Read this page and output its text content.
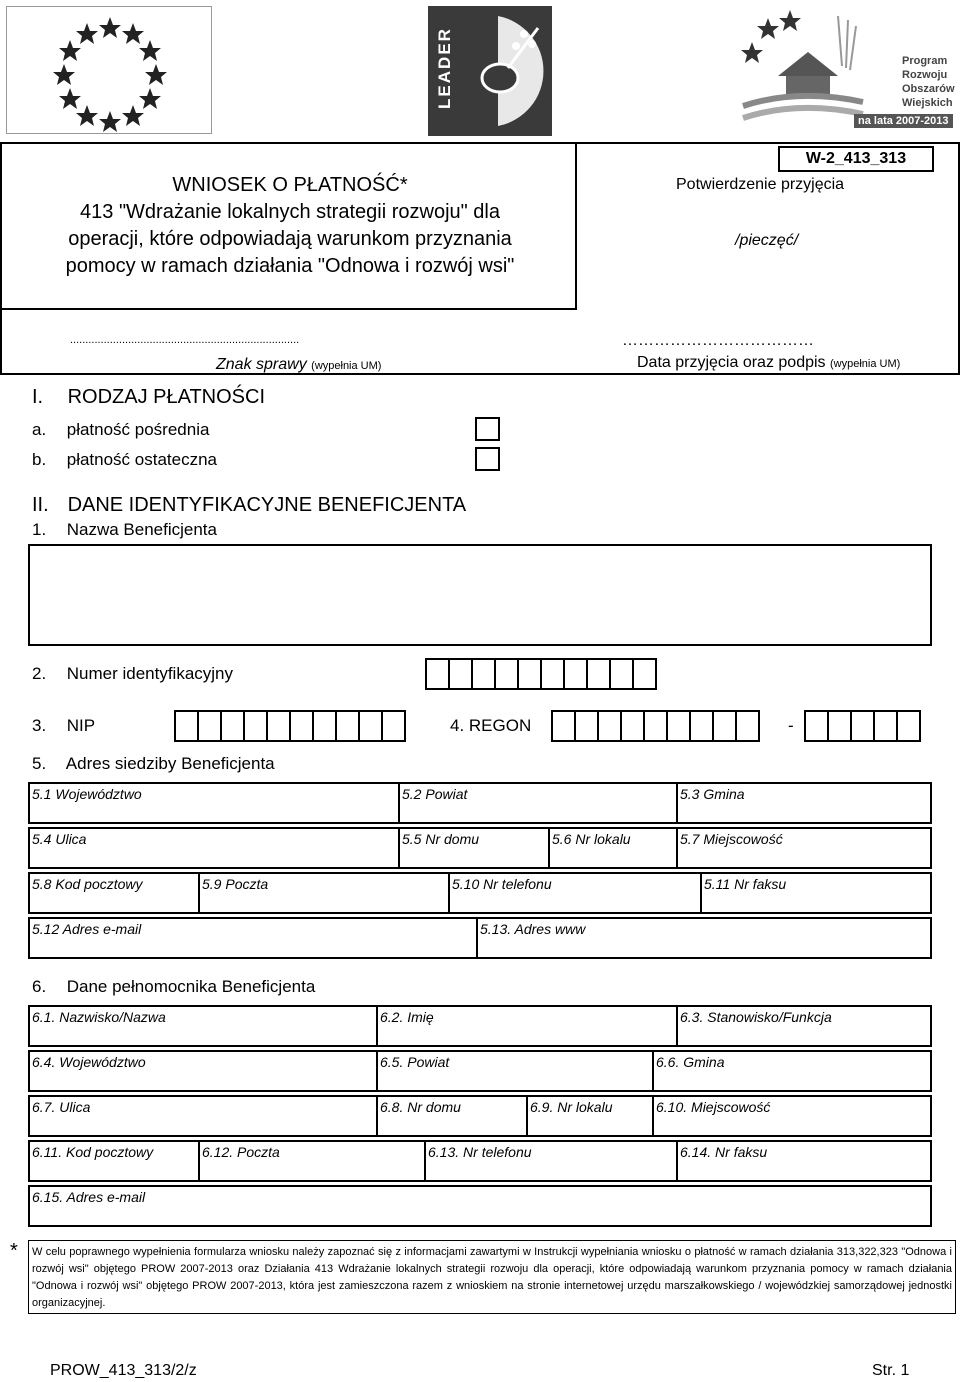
LEADER	Program
Rozwoju
Obszarów
Wiejskich
na lata 2007-2013
WNIOSEK O PŁATNOŚĆ*
413 "Wdrażanie lokalnych strategii rozwoju" dla
operacji, które odpowiadają warunkom przyznania
pomocy w ramach działania "Odnowa i rozwój wsi"
W-2_413_313
Potwierdzenie przyjęcia
/pieczęć/
...........................................................................
Znak sprawy (wypełnia UM)
………………………………
Data przyjęcia oraz podpis (wypełnia UM)
I. RODZAJ PŁATNOŚCI
a. płatność pośrednia
b. płatność ostateczna
II. DANE IDENTYFIKACYJNE BENEFICJENTA
1. Nazwa Beneficjenta
2. Numer identyfikacyjny
3. NIP	4. REGON	-
5. Adres siedziby Beneficjenta
5.1 Województwo	5.2 Powiat	5.3 Gmina
5.4 Ulica	5.5 Nr domu	5.6 Nr lokalu	5.7 Miejscowość
5.8 Kod pocztowy	5.9 Poczta	5.10 Nr telefonu	5.11 Nr faksu
5.12 Adres e-mail	5.13. Adres www
6. Dane pełnomocnika Beneficjenta
6.1. Nazwisko/Nazwa	6.2. Imię	6.3. Stanowisko/Funkcja
6.4. Województwo	6.5. Powiat	6.6. Gmina
6.7. Ulica	6.8. Nr domu	6.9. Nr lokalu	6.10. Miejscowość
6.11. Kod pocztowy	6.12. Poczta	6.13. Nr telefonu	6.14. Nr faksu
6.15. Adres e-mail
* W celu poprawnego wypełnienia formularza wniosku należy zapoznać się z informacjami zawartymi w Instrukcji wypełniania wniosku o płatność w ramach działania 313,322,323 "Odnowa i rozwój wsi" objętego PROW 2007-2013 oraz Działania 413 Wdrażanie lokalnych strategii rozwoju dla operacji, które odpowiadają warunkom przyznania pomocy w ramach działania "Odnowa i rozwój wsi" objętego PROW 2007-2013, która jest zamieszczona razem z wnioskiem na stronie internetowej urzędu marszałkowskiego / wojewódzkiej samorządowej jednostki organizacyjnej.
PROW_413_313/2/z	Str. 1
